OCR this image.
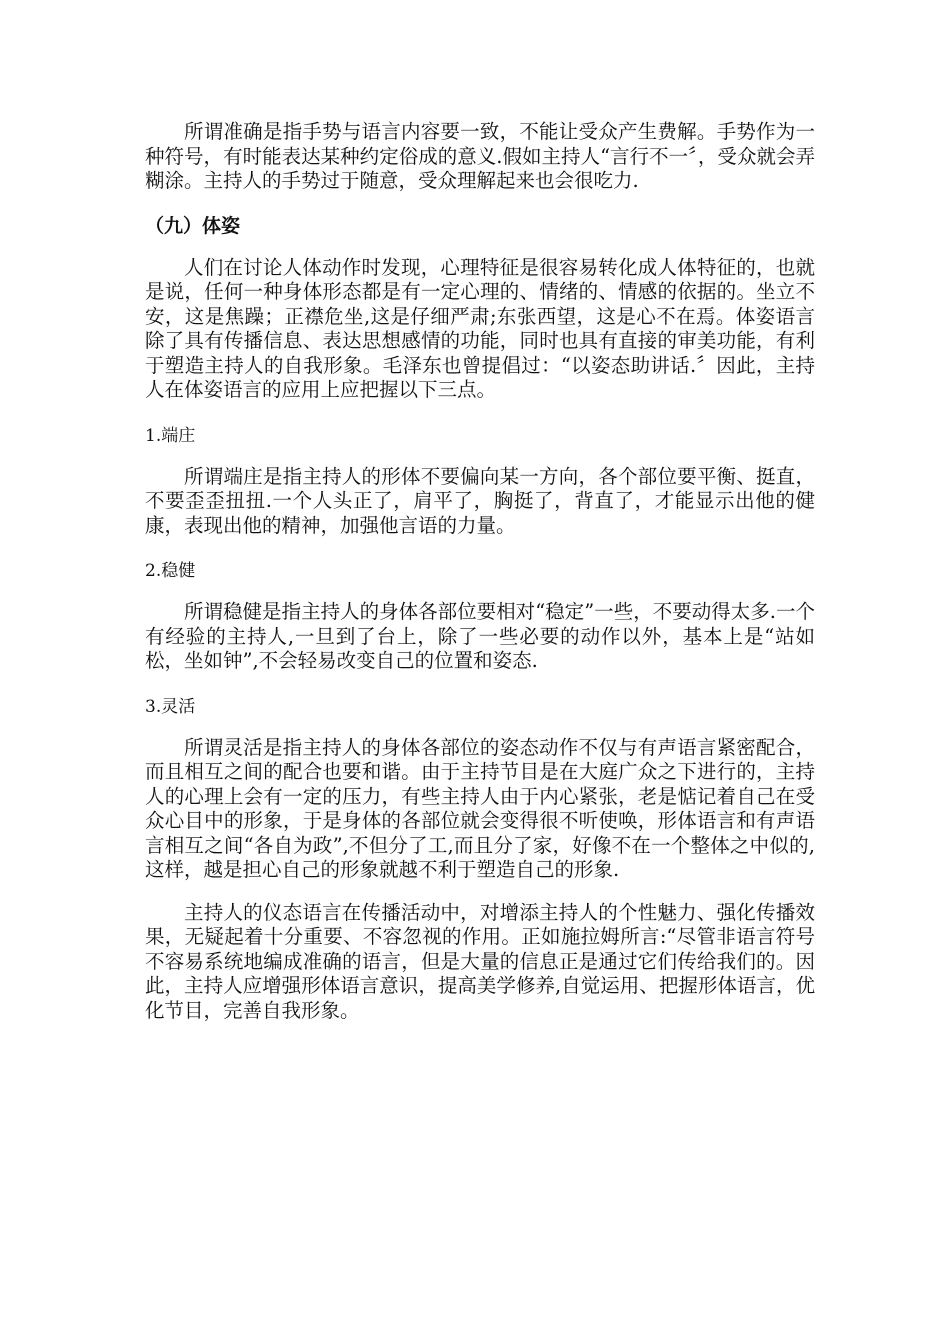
所谓准确是指手势与语言内容要一致，不能让受众产生费解。手势作为一种符号，有时能表达某种约定俗成的意义.假如主持人“言行不一〞，受众就会弄糊涂。主持人的手势过于随意，受众理解起来也会很吃力.

（九）体姿

人们在讨论人体动作时发现，心理特征是很容易转化成人体特征的，也就是说，任何一种身体形态都是有一定心理的、情绪的、情感的依据的。坐立不安，这是焦躁；正襟危坐,这是仔细严肃;东张西望，这是心不在焉。体姿语言除了具有传播信息、表达思想感情的功能，同时也具有直接的审美功能，有利于塑造主持人的自我形象。毛泽东也曾提倡过：“以姿态助讲话.〞因此，主持人在体姿语言的应用上应把握以下三点。

1.端庄

所谓端庄是指主持人的形体不要偏向某一方向，各个部位要平衡、挺直，不要歪歪扭扭.一个人头正了，肩平了，胸挺了，背直了，才能显示出他的健康，表现出他的精神，加强他言语的力量。

2.稳健

所谓稳健是指主持人的身体各部位要相对“稳定”一些，不要动得太多.一个有经验的主持人,一旦到了台上，除了一些必要的动作以外，基本上是“站如松，坐如钟”,不会轻易改变自己的位置和姿态.

3.灵活

所谓灵活是指主持人的身体各部位的姿态动作不仅与有声语言紧密配合，而且相互之间的配合也要和谐。由于主持节目是在大庭广众之下进行的，主持人的心理上会有一定的压力，有些主持人由于内心紧张，老是惦记着自己在受众心目中的形象，于是身体的各部位就会变得很不听使唤，形体语言和有声语言相互之间“各自为政”,不但分了工,而且分了家，好像不在一个整体之中似的,这样，越是担心自己的形象就越不利于塑造自己的形象.

主持人的仪态语言在传播活动中，对增添主持人的个性魅力、强化传播效果，无疑起着十分重要、不容忽视的作用。正如施拉姆所言:“尽管非语言符号不容易系统地编成准确的语言，但是大量的信息正是通过它们传给我们的。因此，主持人应增强形体语言意识，提高美学修养,自觉运用、把握形体语言，优化节目，完善自我形象。
